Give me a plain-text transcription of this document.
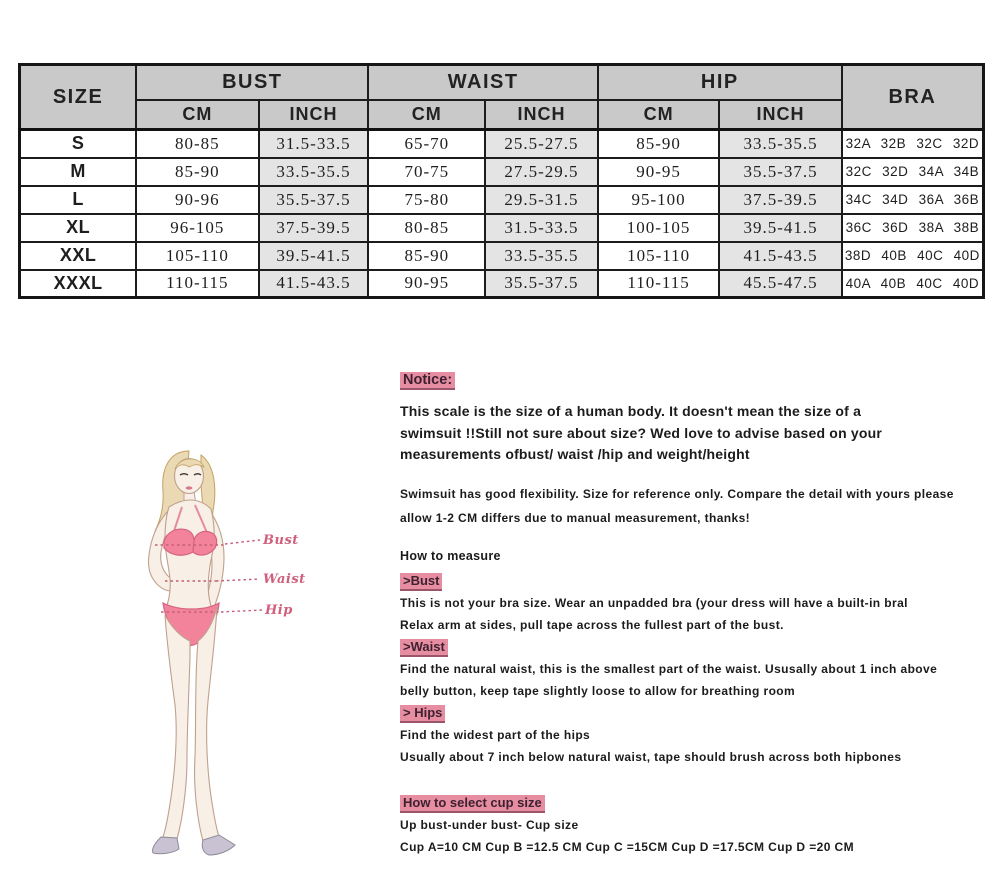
SIZE	BUST		WAIST		HIP		BRA
	CM	INCH	CM	INCH	CM	INCH	
S	80-85	31.5-33.5	65-70	25.5-27.5	85-90	33.5-35.5	32A 32B 32C 32D
M	85-90	33.5-35.5	70-75	27.5-29.5	90-95	35.5-37.5	32C 32D 34A 34B
L	90-96	35.5-37.5	75-80	29.5-31.5	95-100	37.5-39.5	34C 34D 36A 36B
XL	96-105	37.5-39.5	80-85	31.5-33.5	100-105	39.5-41.5	36C 36D 38A 38B
XXL	105-110	39.5-41.5	85-90	33.5-35.5	105-110	41.5-43.5	38D 40B 40C 40D
XXXL	110-115	41.5-43.5	90-95	35.5-37.5	110-115	45.5-47.5	40A 40B 40C 40D
Bust
Waist
Hip
Notice:
This scale is the size of a human body. It doesn't mean the size of a
swimsuit !!Still not sure about size? Wed love to advise based on your
measurements ofbust/ waist /hip and weight/height
Swimsuit has good flexibility. Size for reference only. Compare the detail with yours please
allow 1-2 CM differs due to manual measurement, thanks!
How to measure
>Bust
This is not your bra size. Wear an unpadded bra (your dress will have a built-in bral
Relax arm at sides, pull tape across the fullest part of the bust.
>Waist
Find the natural waist, this is the smallest part of the waist. Ususally about 1 inch above
belly button, keep tape slightly loose to allow for breathing room
> Hips
Find the widest part of the hips
Usually about 7 inch below natural waist, tape should brush across both hipbones
How to select cup size
Up bust-under bust- Cup size
Cup A=10 CM Cup B =12.5 CM Cup C =15CM Cup D =17.5CM Cup D =20 CM
